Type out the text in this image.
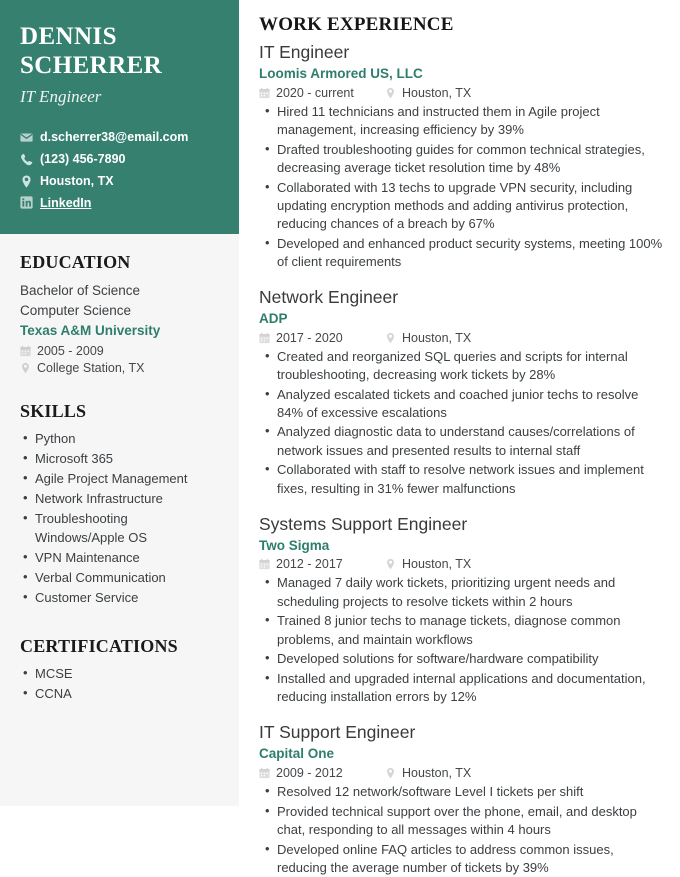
DENNIS
SCHERRER
IT Engineer
d.scherrer38@email.com
(123) 456-7890
Houston, TX
LinkedIn
EDUCATION
Bachelor of Science
Computer Science
Texas A&M University
2005 - 2009
College Station, TX
SKILLS
• Python
• Microsoft 365
• Agile Project Management
• Network Infrastructure
• Troubleshooting Windows/Apple OS
• VPN Maintenance
• Verbal Communication
• Customer Service
CERTIFICATIONS
• MCSE
• CCNA
WORK EXPERIENCE
IT Engineer
Loomis Armored US, LLC
2020 - current	Houston, TX
• Hired 11 technicians and instructed them in Agile project management, increasing efficiency by 39%
• Drafted troubleshooting guides for common technical strategies, decreasing average ticket resolution time by 48%
• Collaborated with 13 techs to upgrade VPN security, including updating encryption methods and adding antivirus protection, reducing chances of a breach by 67%
• Developed and enhanced product security systems, meeting 100% of client requirements
Network Engineer
ADP
2017 - 2020	Houston, TX
• Created and reorganized SQL queries and scripts for internal troubleshooting, decreasing work tickets by 28%
• Analyzed escalated tickets and coached junior techs to resolve 84% of excessive escalations
• Analyzed diagnostic data to understand causes/correlations of network issues and presented results to internal staff
• Collaborated with staff to resolve network issues and implement fixes, resulting in 31% fewer malfunctions
Systems Support Engineer
Two Sigma
2012 - 2017	Houston, TX
• Managed 7 daily work tickets, prioritizing urgent needs and scheduling projects to resolve tickets within 2 hours
• Trained 8 junior techs to manage tickets, diagnose common problems, and maintain workflows
• Developed solutions for software/hardware compatibility
• Installed and upgraded internal applications and documentation, reducing installation errors by 12%
IT Support Engineer
Capital One
2009 - 2012	Houston, TX
• Resolved 12 network/software Level I tickets per shift
• Provided technical support over the phone, email, and desktop chat, responding to all messages within 4 hours
• Developed online FAQ articles to address common issues, reducing the average number of tickets by 39%
